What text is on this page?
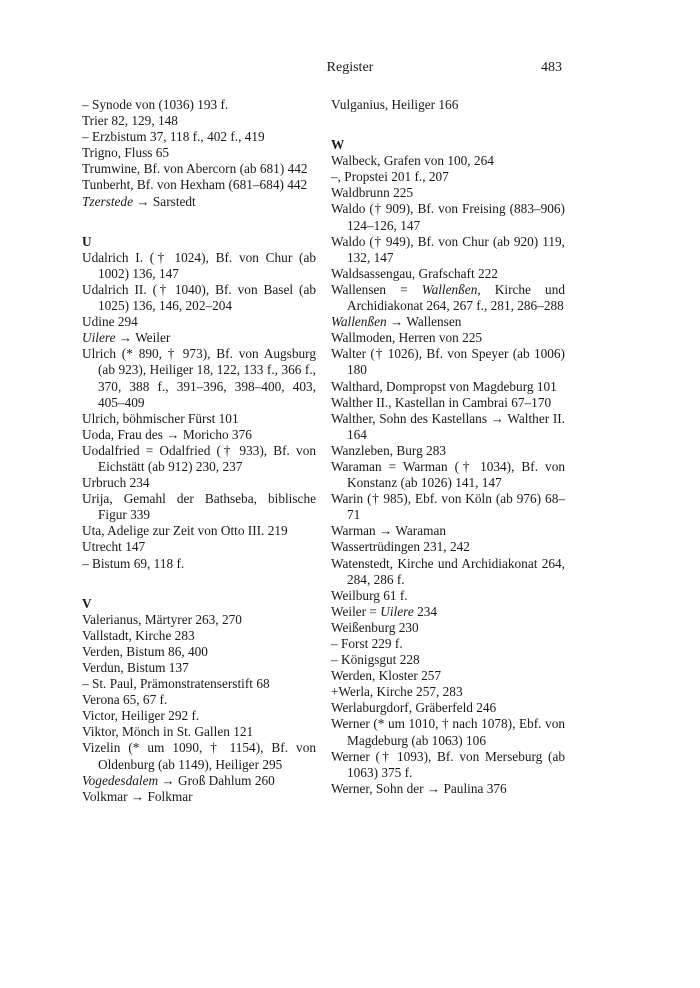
Register	483
– Synode von (1036) 193 f.
Trier 82, 129, 148
– Erzbistum 37, 118 f., 402 f., 419
Trigno, Fluss 65
Trumwine, Bf. von Abercorn (ab 681) 442
Tunberht, Bf. von Hexham (681–684) 442
Tzerstede → Sarstedt
U
Udalrich I. († 1024), Bf. von Chur (ab 1002) 136, 147
Udalrich II. († 1040), Bf. von Basel (ab 1025) 136, 146, 202–204
Udine 294
Uilere → Weiler
Ulrich (* 890, † 973), Bf. von Augsburg (ab 923), Heiliger 18, 122, 133 f., 366 f., 370, 388 f., 391–396, 398–400, 403, 405–409
Ulrich, böhmischer Fürst 101
Uoda, Frau des → Moricho 376
Uodalfried = Odalfried († 933), Bf. von Eichstätt (ab 912) 230, 237
Urbruch 234
Urija, Gemahl der Bathseba, biblische Figur 339
Uta, Adelige zur Zeit von Otto III. 219
Utrecht 147
– Bistum 69, 118 f.
V
Valerianus, Märtyrer 263, 270
Vallstadt, Kirche 283
Verden, Bistum 86, 400
Verdun, Bistum 137
– St. Paul, Prämonstratenserstift 68
Verona 65, 67 f.
Victor, Heiliger 292 f.
Viktor, Mönch in St. Gallen 121
Vizelin (* um 1090, † 1154), Bf. von Oldenburg (ab 1149), Heiliger 295
Vogedesdalem → Groß Dahlum 260
Volkmar → Folkmar
Vulganius, Heiliger 166
W
Walbeck, Grafen von 100, 264
–, Propstei 201 f., 207
Waldbrunn 225
Waldo († 909), Bf. von Freising (883–906) 124–126, 147
Waldo († 949), Bf. von Chur (ab 920) 119, 132, 147
Waldsassengau, Grafschaft 222
Wallensen = Wallenßen, Kirche und Archidiakonat 264, 267 f., 281, 286–288
Wallenßen → Wallensen
Wallmoden, Herren von 225
Walter († 1026), Bf. von Speyer (ab 1006) 180
Walthard, Dompropst von Magdeburg 101
Walther II., Kastellan in Cambrai 67–170
Walther, Sohn des Kastellans → Walther II. 164
Wanzleben, Burg 283
Waraman = Warman († 1034), Bf. von Konstanz (ab 1026) 141, 147
Warin († 985), Ebf. von Köln (ab 976) 68–71
Warman → Waraman
Wassertrüdingen 231, 242
Watenstedt, Kirche und Archidiakonat 264, 284, 286 f.
Weilburg 61 f.
Weiler = Uilere 234
Weißenburg 230
– Forst 229 f.
– Königsgut 228
Werden, Kloster 257
+Werla, Kirche 257, 283
Werlaburgdorf, Gräberfeld 246
Werner (* um 1010, † nach 1078), Ebf. von Magdeburg (ab 1063) 106
Werner († 1093), Bf. von Merseburg (ab 1063) 375 f.
Werner, Sohn der → Paulina 376
